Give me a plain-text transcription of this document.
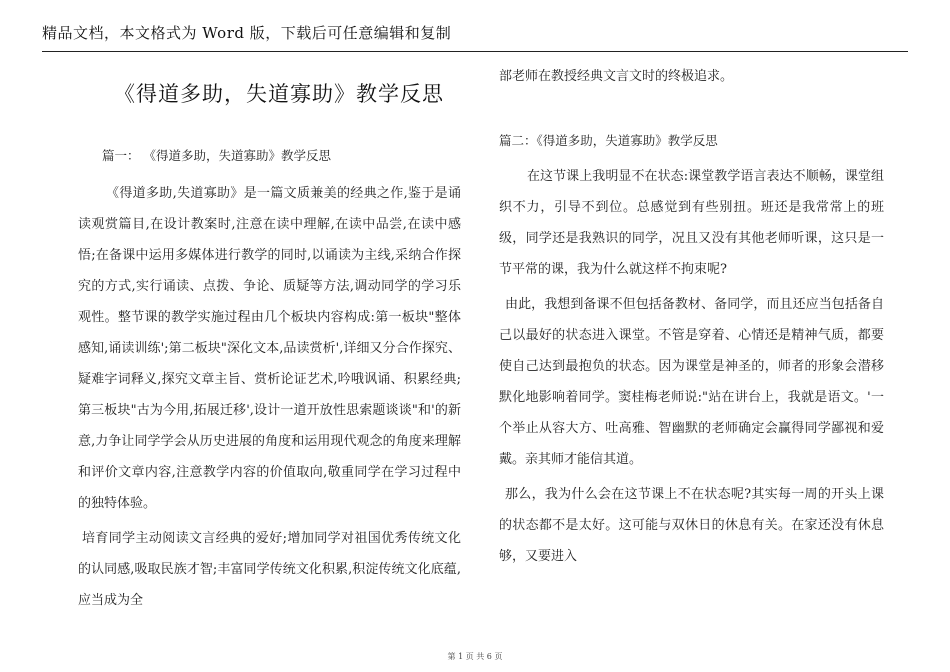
精品文档，本文格式为 Word 版，下载后可任意编辑和复制
《得道多助，失道寡助》教学反思
篇一： 《得道多助，失道寡助》教学反思

《得道多助,失道寡助》是一篇文质兼美的经典之作,鉴于是诵读观赏篇目,在设计教案时,注意在读中理解,在读中品尝,在读中感悟;在备课中运用多媒体进行教学的同时,以诵读为主线,采纳合作探究的方式,实行诵读、点拨、争论、质疑等方法,调动同学的学习乐观性。整节课的教学实施过程由几个板块内容构成:第一板块"整体感知,诵读训练';第二板块"深化文本,品读赏析',详细又分合作探究、疑难字词释义,探究文章主旨、赏析论证艺术,吟哦讽诵、积累经典;第三板块"古为今用,拓展迁移',设计一道开放性思索题谈谈"和'的新意,力争让同学学会从历史进展的角度和运用现代观念的角度来理解和评价文章内容,注意教学内容的价值取向,敬重同学在学习过程中的独特体验。

培育同学主动阅读文言经典的爱好;增加同学对祖国优秀传统文化的认同感,吸取民族才智;丰富同学传统文化积累,积淀传统文化底蕴,应当成为全

部老师在教授经典文言文时的终极追求。

篇二：《得道多助，失道寡助》教学反思

在这节课上我明显不在状态:课堂教学语言表达不顺畅，课堂组织不力，引导不到位。总感觉到有些别扭。班还是我常常上的班级，同学还是我熟识的同学，况且又没有其他老师听课，这只是一节平常的课，我为什么就这样不拘束呢?

由此，我想到备课不但包括备教材、备同学，而且还应当包括备自己以最好的状态进入课堂。不管是穿着、心情还是精神气质，都要使自己达到最抱负的状态。因为课堂是神圣的，师者的形象会潜移默化地影响着同学。窦桂梅老师说:"站在讲台上，我就是语文。'一个举止从容大方、吐高雅、智幽默的老师确定会赢得同学鄙视和爱戴。亲其师才能信其道。

那么，我为什么会在这节课上不在状态呢?其实每一周的开头上课的状态都不是太好。这可能与双休日的休息有关。在家还没有休息够，又要进入

第 1 页 共 6 页
